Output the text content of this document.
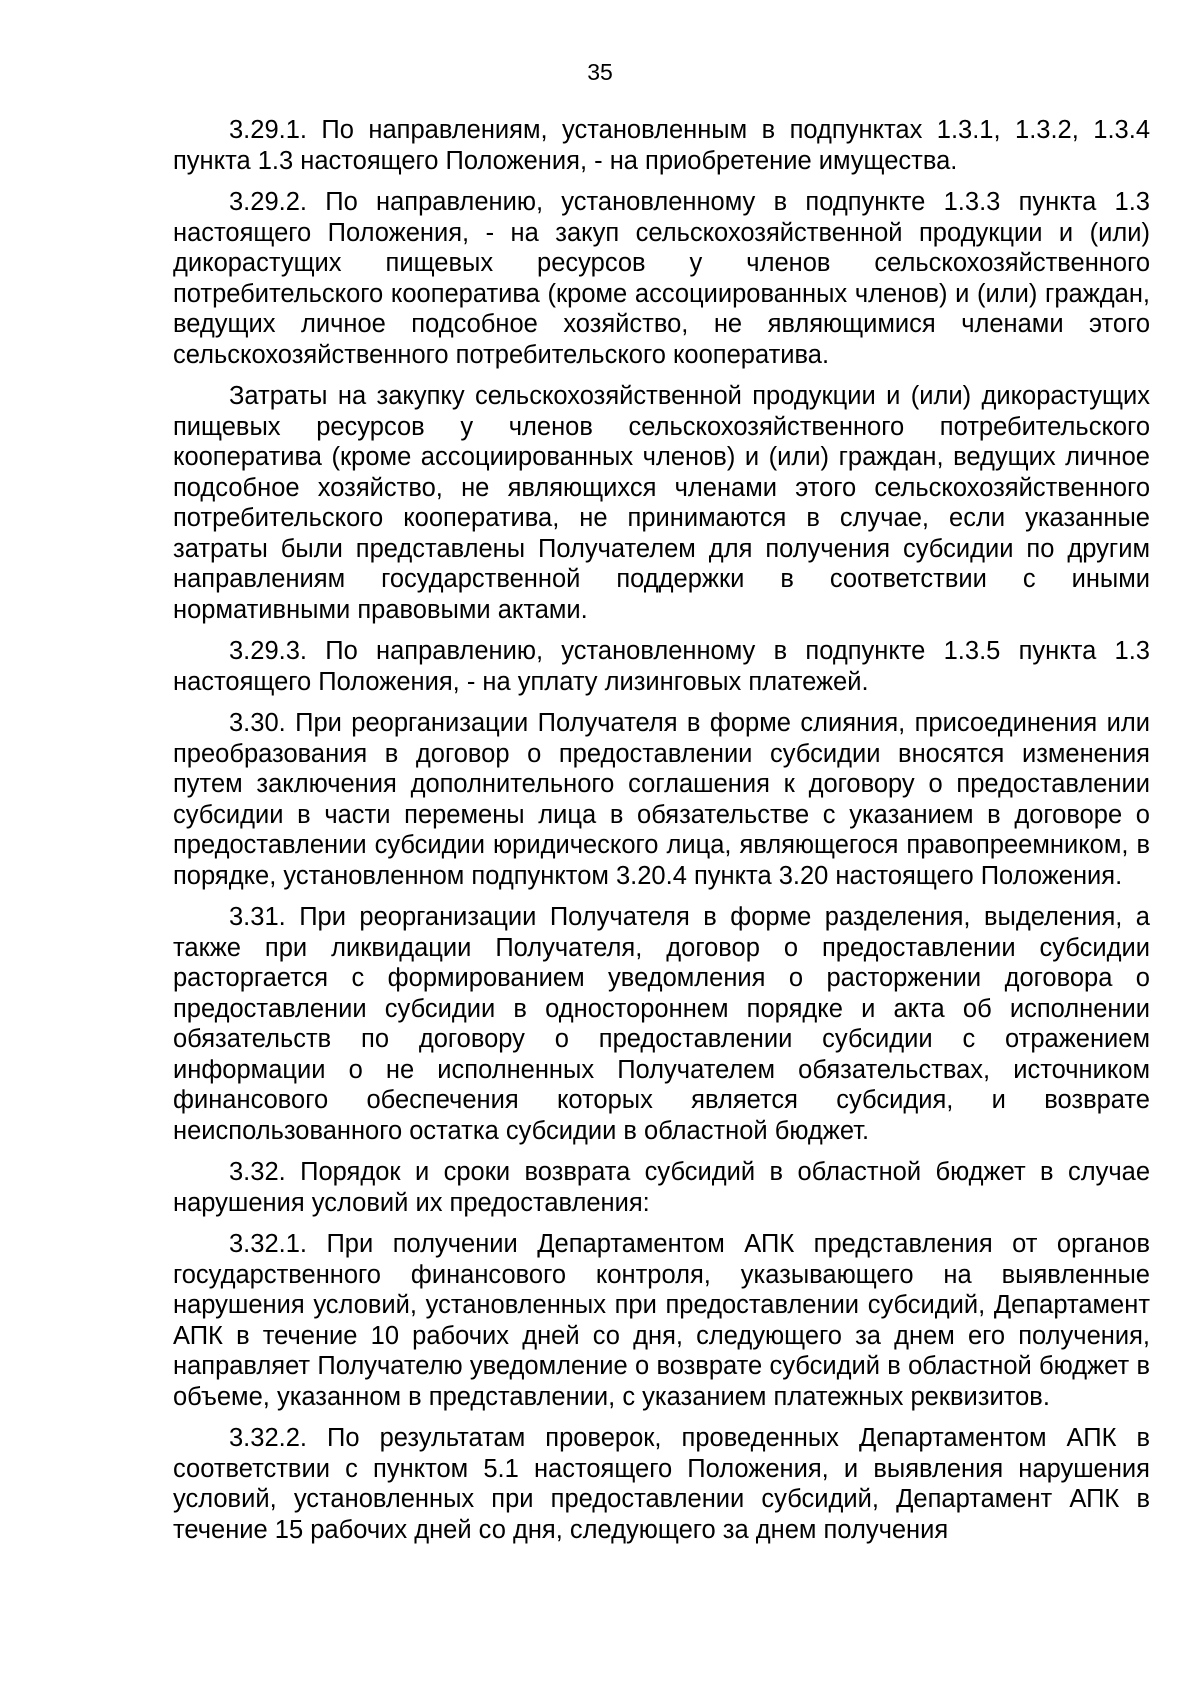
35

3.29.1. По направлениям, установленным в подпунктах 1.3.1, 1.3.2, 1.3.4 пункта 1.3 настоящего Положения, - на приобретение имущества.

3.29.2. По направлению, установленному в подпункте 1.3.3 пункта 1.3 настоящего Положения, - на закуп сельскохозяйственной продукции и (или) дикорастущих пищевых ресурсов у членов сельскохозяйственного потребительского кооператива (кроме ассоциированных членов) и (или) граждан, ведущих личное подсобное хозяйство, не являющимися членами этого сельскохозяйственного потребительского кооператива.

Затраты на закупку сельскохозяйственной продукции и (или) дикорастущих пищевых ресурсов у членов сельскохозяйственного потребительского кооператива (кроме ассоциированных членов) и (или) граждан, ведущих личное подсобное хозяйство, не являющихся членами этого сельскохозяйственного потребительского кооператива, не принимаются в случае, если указанные затраты были представлены Получателем для получения субсидии по другим направлениям государственной поддержки в соответствии с иными нормативными правовыми актами.

3.29.3. По направлению, установленному в подпункте 1.3.5 пункта 1.3 настоящего Положения, - на уплату лизинговых платежей.

3.30. При реорганизации Получателя в форме слияния, присоединения или преобразования в договор о предоставлении субсидии вносятся изменения путем заключения дополнительного соглашения к договору о предоставлении субсидии в части перемены лица в обязательстве с указанием в договоре о предоставлении субсидии юридического лица, являющегося правопреемником, в порядке, установленном подпунктом 3.20.4 пункта 3.20 настоящего Положения.

3.31. При реорганизации Получателя в форме разделения, выделения, а также при ликвидации Получателя, договор о предоставлении субсидии расторгается с формированием уведомления о расторжении договора о предоставлении субсидии в одностороннем порядке и акта об исполнении обязательств по договору о предоставлении субсидии с отражением информации о не исполненных Получателем обязательствах, источником финансового обеспечения которых является субсидия, и возврате неиспользованного остатка субсидии в областной бюджет.

3.32. Порядок и сроки возврата субсидий в областной бюджет в случае нарушения условий их предоставления:

3.32.1. При получении Департаментом АПК представления от органов государственного финансового контроля, указывающего на выявленные нарушения условий, установленных при предоставлении субсидий, Департамент АПК в течение 10 рабочих дней со дня, следующего за днем его получения, направляет Получателю уведомление о возврате субсидий в областной бюджет в объеме, указанном в представлении, с указанием платежных реквизитов.

3.32.2. По результатам проверок, проведенных Департаментом АПК в соответствии с пунктом 5.1 настоящего Положения, и выявления нарушения условий, установленных при предоставлении субсидий, Департамент АПК в течение 15 рабочих дней со дня, следующего за днем получения
